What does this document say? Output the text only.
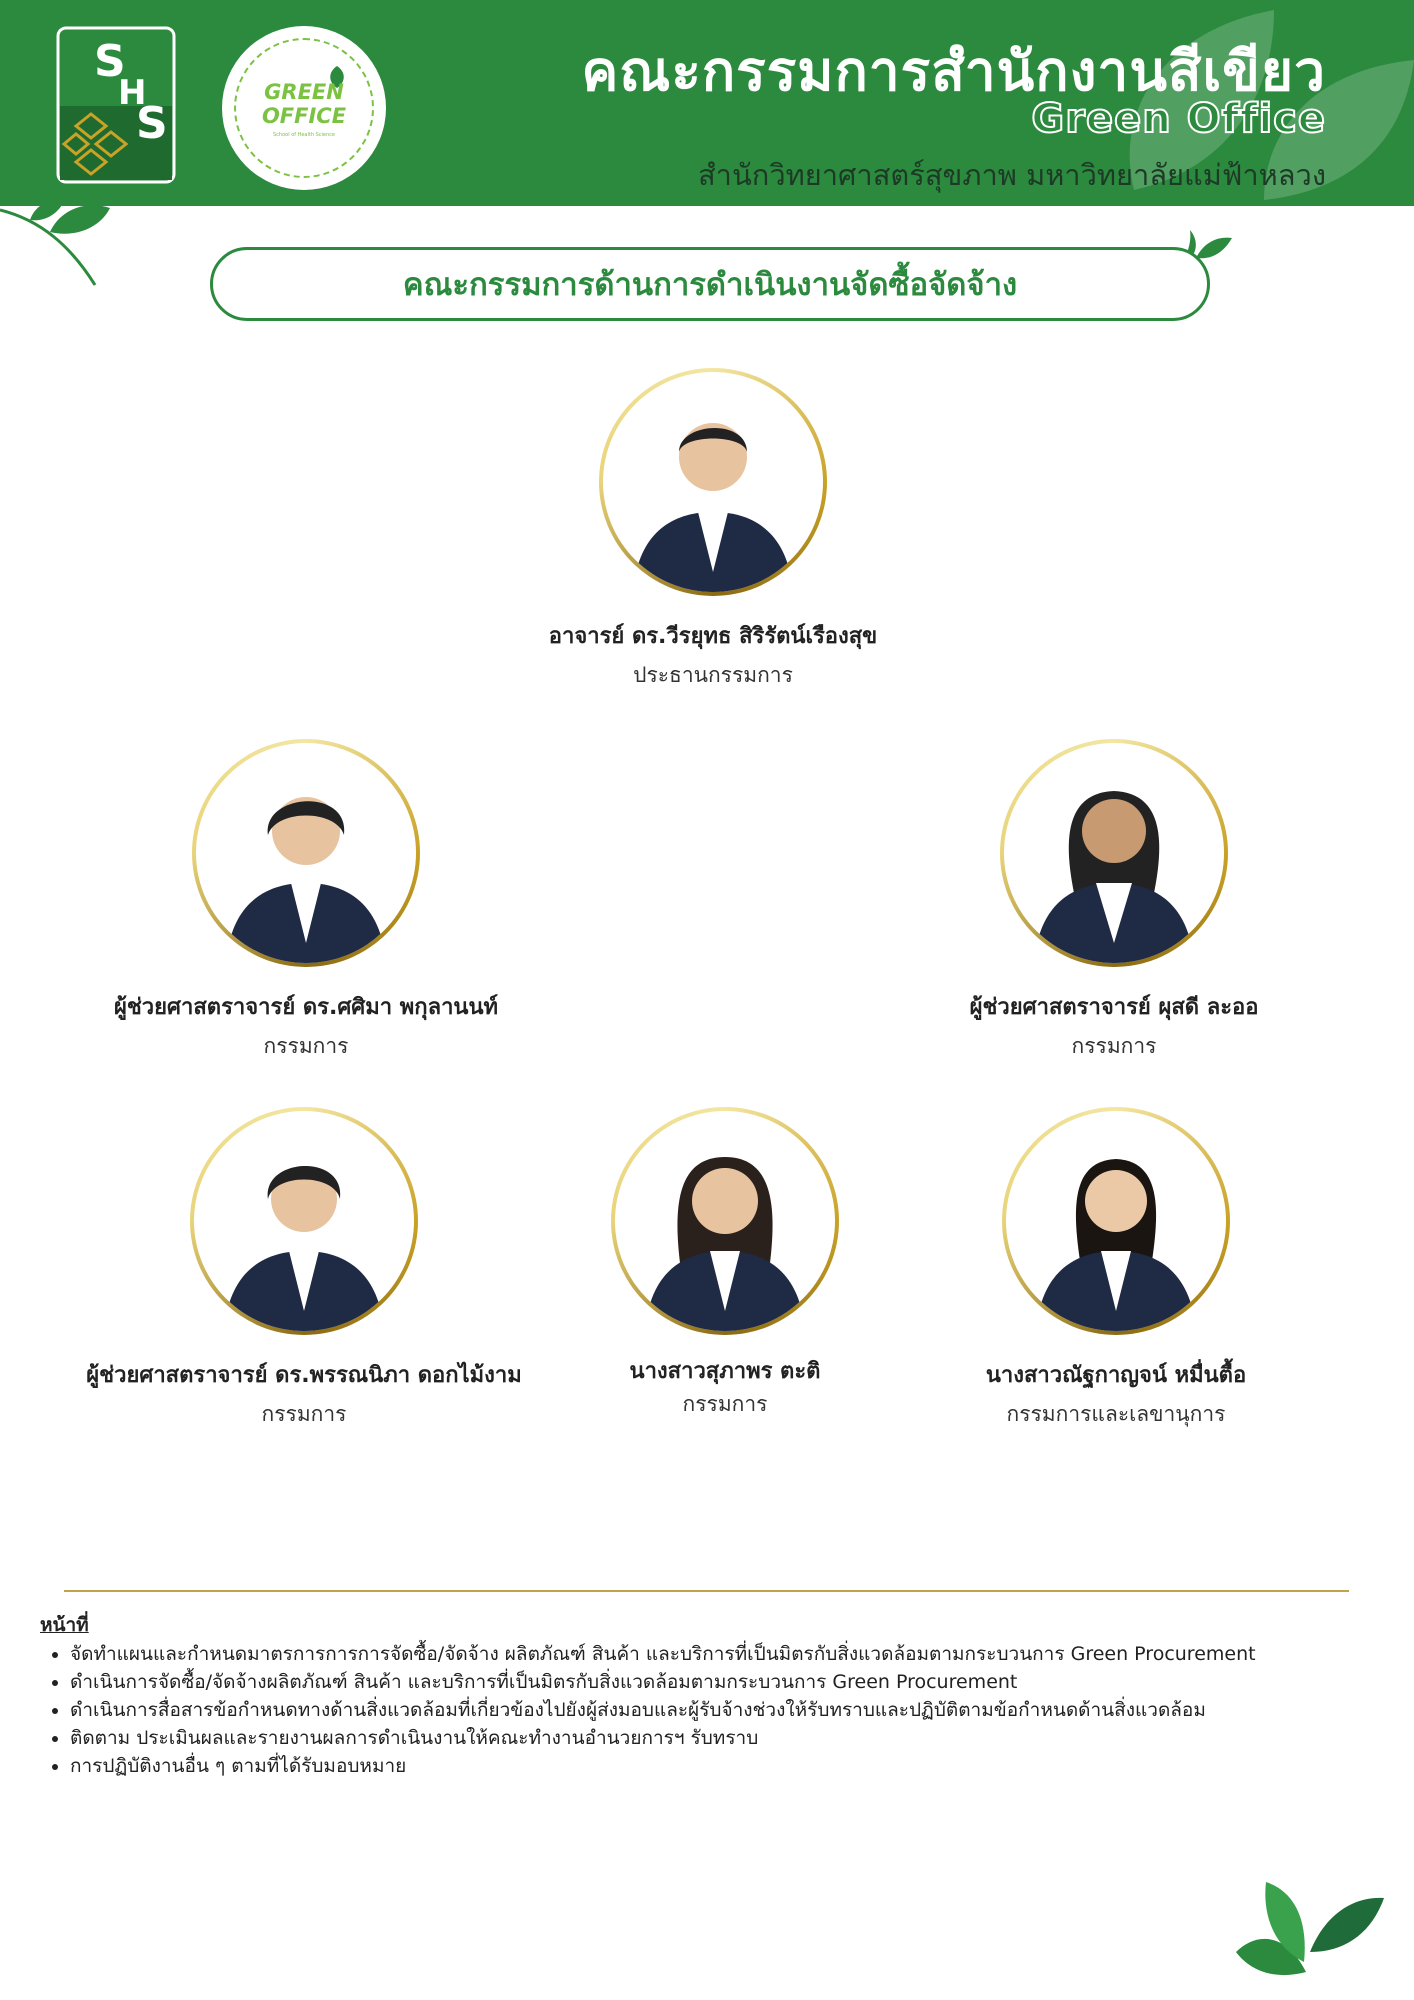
S
H
S
GREEN
OFFICE
School of Health Science
คณะกรรมการสำนักงานสีเขียว
Green Office
สำนักวิทยาศาสตร์สุขภาพ มหาวิทยาลัยแม่ฟ้าหลวง
คณะกรรมการด้านการดำเนินงานจัดซื้อจัดจ้าง
อาจารย์ ดร.วีรยุทธ สิริรัตน์เรืองสุข
ประธานกรรมการ
ผู้ช่วยศาสตราจารย์ ดร.ศศิมา พกุลานนท์
กรรมการ
ผู้ช่วยศาสตราจารย์ ผุสดี ละออ
กรรมการ
ผู้ช่วยศาสตราจารย์ ดร.พรรณนิภา ดอกไม้งาม
กรรมการ
นางสาวสุภาพร ตะติ
กรรมการ
นางสาวณัฐกาญจน์ หมื่นตื้อ
กรรมการและเลขานุการ
หน้าที่
• จัดทำแผนและกำหนดมาตรการการการจัดซื้อ/จัดจ้าง ผลิตภัณฑ์ สินค้า และบริการที่เป็นมิตรกับสิ่งแวดล้อมตามกระบวนการ Green Procurement
• ดำเนินการจัดซื้อ/จัดจ้างผลิตภัณฑ์ สินค้า และบริการที่เป็นมิตรกับสิ่งแวดล้อมตามกระบวนการ Green Procurement
• ดำเนินการสื่อสารข้อกำหนดทางด้านสิ่งแวดล้อมที่เกี่ยวข้องไปยังผู้ส่งมอบและผู้รับจ้างช่วงให้รับทราบและปฏิบัติตามข้อกำหนดด้านสิ่งแวดล้อม
• ติดตาม ประเมินผลและรายงานผลการดำเนินงานให้คณะทำงานอำนวยการฯ รับทราบ
• การปฏิบัติงานอื่น ๆ ตามที่ได้รับมอบหมาย
